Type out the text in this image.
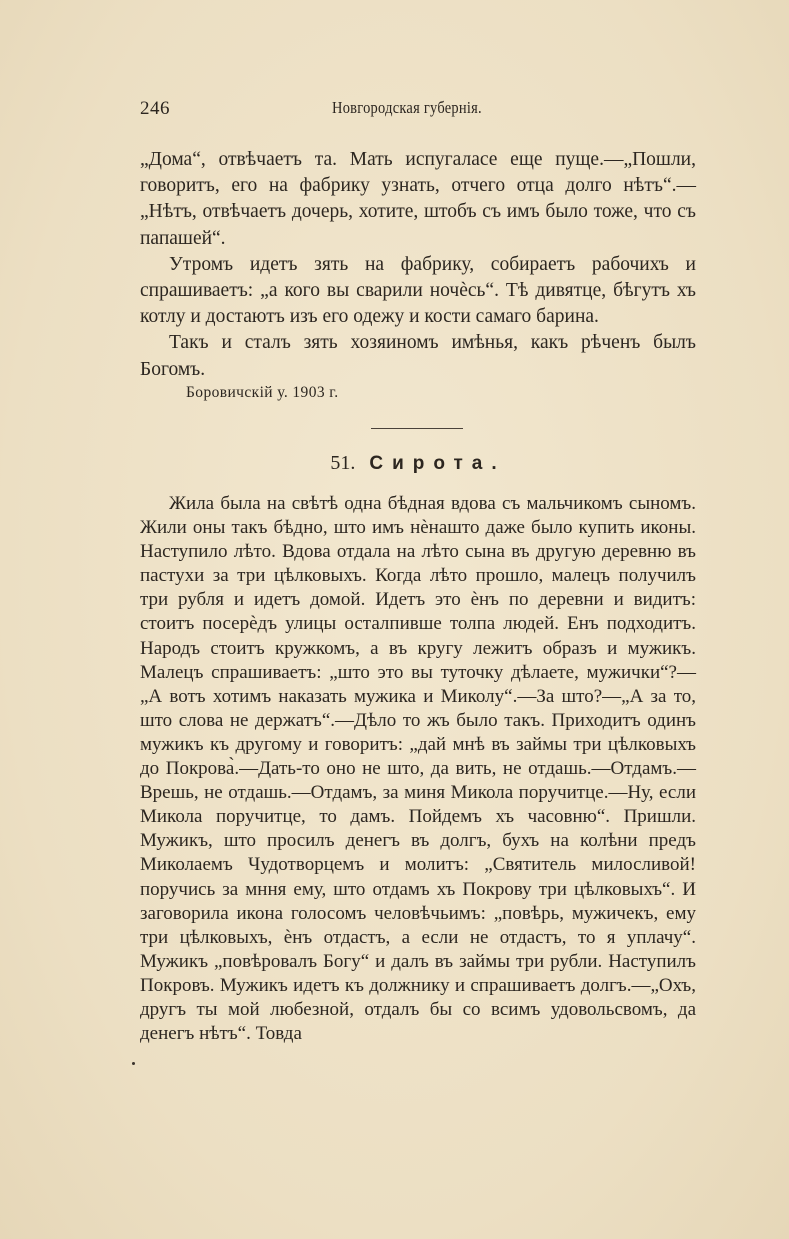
246	Новгородская губернія.

„Дома“, отвѣчаетъ та. Мать испугаласе еще пуще.—„Пошли, говоритъ, его на фабрику узнать, отчего отца долго нѣтъ“.— „Нѣтъ, отвѣчаетъ дочерь, хотите, штобъ съ имъ было тоже, что съ папашей“.

Утромъ идетъ зять на фабрику, собираетъ рабочихъ и спрашиваетъ: „а кого вы сварили ночѐсь“. Тѣ дивятце, бѣгутъ хъ котлу и достаютъ изъ его одежу и кости самаго барина.

Такъ и сталъ зять хозяиномъ имѣнья, какъ рѣченъ былъ Богомъ.

Боровичскій у. 1903 г.
51. Сирота.

Жила была на свѣтѣ одна бѣдная вдова съ мальчикомъ сыномъ. Жили оны такъ бѣдно, што имъ нѐнашто даже было купить иконы. Наступило лѣто. Вдова отдала на лѣто сына въ другую деревню въ пастухи за три цѣлковыхъ. Когда лѣто прошло, малецъ получилъ три рубля и идетъ домой. Идетъ это ѐнъ по деревни и видитъ: стоитъ посерѐдъ улицы осталпивше толпа людей. Енъ подходитъ. Народъ стоитъ кружкомъ, а въ кругу лежитъ образъ и мужикъ. Малецъ спрашиваетъ: „што это вы туточку дѣлаете, мужички“?—„А вотъ хотимъ наказать мужика и Миколу“.—За што?—„А за то, што слова не держатъ“.—Дѣло то жъ было такъ. Приходитъ одинъ мужикъ къ другому и говоритъ: „дай мнѣ въ займы три цѣлковыхъ до Покрова̀.—Дать-то оно не што, да вить, не отдашь.—Отдамъ.—Врешь, не отдашь.—Отдамъ, за миня Микола поручитце.—Ну, если Микола поручитце, то дамъ. Пойдемъ хъ часовню“. Пришли. Мужикъ, што просилъ денегъ въ долгъ, бухъ на колѣни предъ Миколаемъ Чудотворцемъ и молитъ: „Святитель милосливой! поручись за мння ему, што отдамъ хъ Покрову три цѣлковыхъ“. И заговорила икона голосомъ человѣчьимъ: „повѣрь, мужичекъ, ему три цѣлковыхъ, ѐнъ отдастъ, а если не отдастъ, то я уплачу“. Мужикъ „повѣровалъ Богу“ и далъ въ займы три рубли. Наступилъ Покровъ. Мужикъ идетъ къ должнику и спрашиваетъ долгъ.—„Охъ, другъ ты мой любезной, отдалъ бы со всимъ удовольсвомъ, да денегъ нѣтъ“. Товда
